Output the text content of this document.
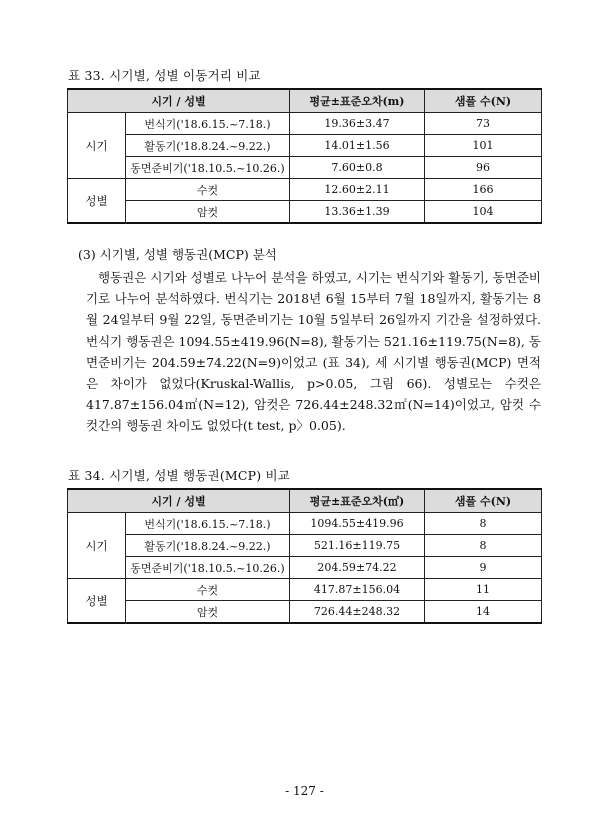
표 33. 시기별, 성별 이동거리 비교
시기 / 성별		평균±표준오차(m)	샘플 수(N)
시기	번식기('18.6.15.~7.18.)	19.36±3.47	73
	활동기('18.8.24.~9.22.)	14.01±1.56	101
	동면준비기('18.10.5.~10.26.)	7.60±0.8	96
성별	수컷	12.60±2.11	166
	암컷	13.36±1.39	104
(3) 시기별, 성별 행동권(MCP) 분석

행동권은 시기와 성별로 나누어 분석을 하였고, 시기는 번식기와 활동기, 동면준비기로 나누어 분석하였다. 번식기는 2018년 6월 15부터 7월 18일까지, 활동기는 8월 24일부터 9월 22일, 동면준비기는 10월 5일부터 26일까지 기간을 설정하였다. 번식기 행동권은 1094.55±419.96(N=8), 활동기는 521.16±119.75(N=8), 동면준비기는 204.59±74.22(N=9)이었고 (표 34), 세 시기별 행동권(MCP) 면적은 차이가 없었다(Kruskal-Wallis, p>0.05, 그림 66). 성별로는 수컷은 417.87±156.04㎡(N=12), 암컷은 726.44±248.32㎡(N=14)이었고, 암컷 수컷간의 행동권 차이도 없었다(t test, p〉0.05).

표 34. 시기별, 성별 행동권(MCP) 비교
시기 / 성별		평균±표준오차(㎡)	샘플 수(N)
시기	번식기('18.6.15.~7.18.)	1094.55±419.96	8
	활동기('18.8.24.~9.22.)	521.16±119.75	8
	동면준비기('18.10.5.~10.26.)	204.59±74.22	9
성별	수컷	417.87±156.04	11
	암컷	726.44±248.32	14
- 127 -
